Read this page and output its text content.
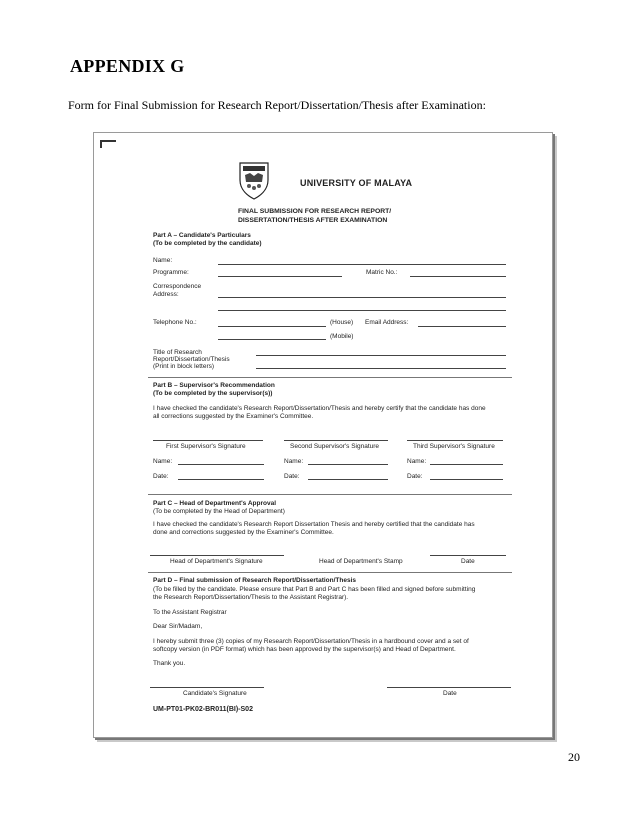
APPENDIX G
Form for Final Submission for Research Report/Dissertation/Thesis after Examination:
UNIVERSITY OF MALAYA
FINAL SUBMISSION FOR RESEARCH REPORT/
DISSERTATION/THESIS AFTER EXAMINATION
Part A – Candidate's Particulars
(To be completed by the candidate)
Name:
Programme:	Matric No.:
Correspondence
Address:
Telephone No.:	(House) Email Address:
(Mobile)
Title of Research
Report/Dissertation/Thesis
(Print in block letters)
Part B – Supervisor's Recommendation
(To be completed by the supervisor(s))
I have checked the candidate's Research Report/Dissertation/Thesis and hereby certify that the candidate has done
all corrections suggested by the Examiner's Committee.
First Supervisor's Signature	Second Supervisor's Signature	Third Supervisor's Signature
Name:	Name:	Name:
Date:	Date:	Date:
Part C – Head of Department's Approval
(To be completed by the Head of Department)
I have checked the candidate's Research Report Dissertation Thesis and hereby certified that the candidate has
done and corrections suggested by the Examiner's Committee.
Head of Department's Signature	Head of Department's Stamp	Date
Part D – Final submission of Research Report/Dissertation/Thesis
(To be filled by the candidate. Please ensure that Part B and Part C has been filled and signed before submitting
the Research Report/Dissertation/Thesis to the Assistant Registrar).
To the Assistant Registrar
Dear Sir/Madam,
I hereby submit three (3) copies of my Research Report/Dissertation/Thesis in a hardbound cover and a set of
softcopy version (in PDF format) which has been approved by the supervisor(s) and Head of Department.
Thank you.
Candidate's Signature	Date
UM-PT01-PK02-BR011(BI)-S02
20
